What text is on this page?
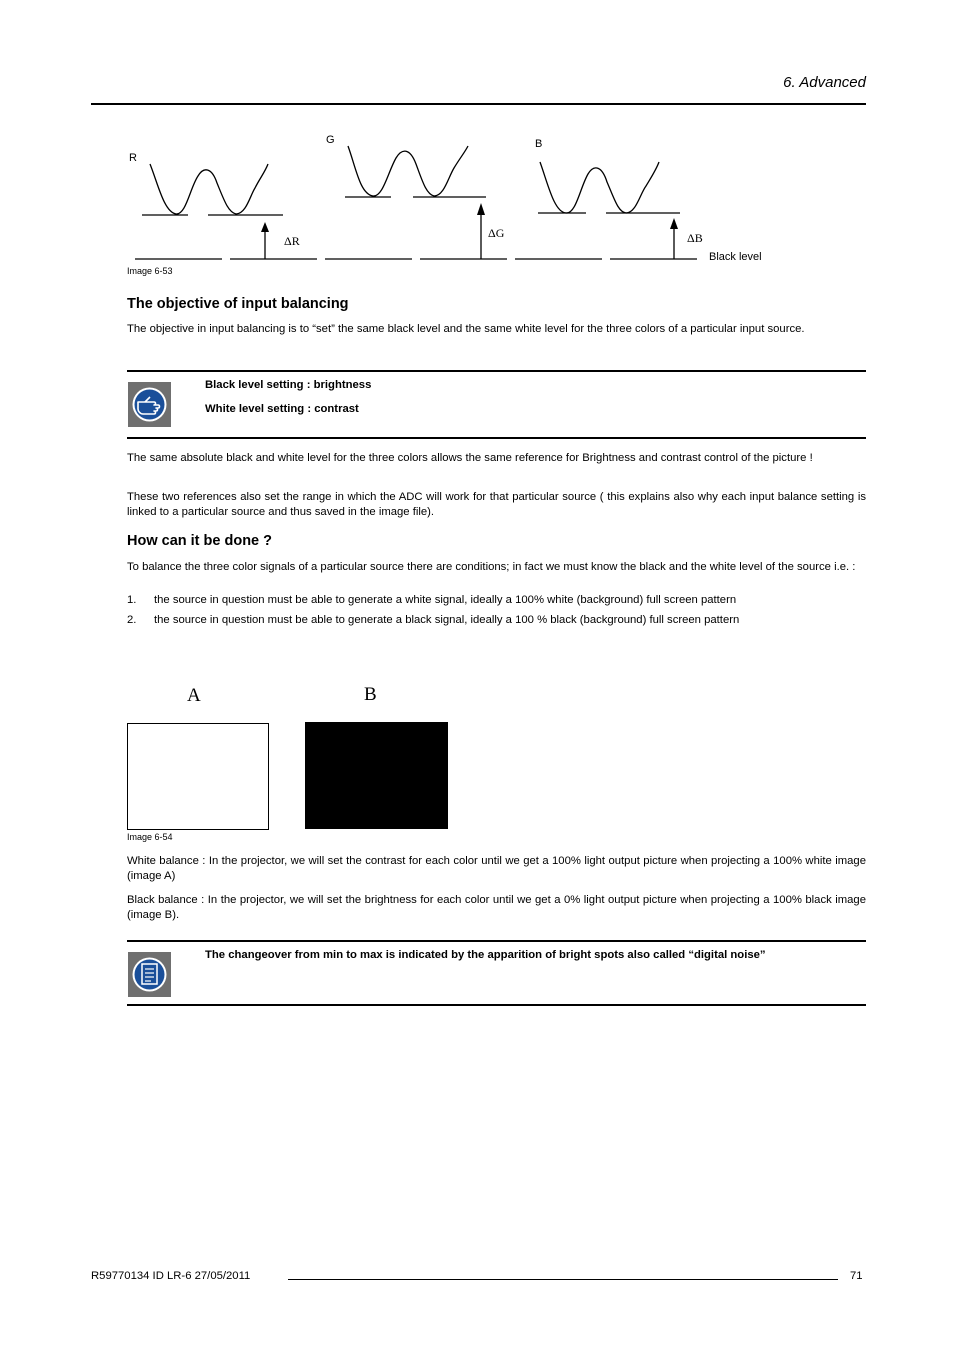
6. Advanced
R
G	B
ΔR
ΔG	ΔB
Black level
Image 6-53
The objective of input balancing

The objective in input balancing is to “set” the same black level and the same white level for the three colors of a particular input source.

Black level setting : brightness
White level setting : contrast

The same absolute black and white level for the three colors allows the same reference for Brightness and contrast control of the picture !

These two references also set the range in which the ADC will work for that particular source ( this explains also why each input balance setting is linked to a particular source and thus saved in the image file).

How can it be done ?

To balance the three color signals of a particular source there are conditions; in fact we must know the black and the white level of the source i.e. :

1. the source in question must be able to generate a white signal, ideally a 100% white (background) full screen pattern
2. the source in question must be able to generate a black signal, ideally a 100 % black (background) full screen pattern
A	B
Image 6-54

White balance : In the projector, we will set the contrast for each color until we get a 100% light output picture when projecting a 100% white image (image A)

Black balance : In the projector, we will set the brightness for each color until we get a 0% light output picture when projecting a 100% black image (image B).

The changeover from min to max is indicated by the apparition of bright spots also called “digital noise”
R59770134 ID LR-6 27/05/2011	71
